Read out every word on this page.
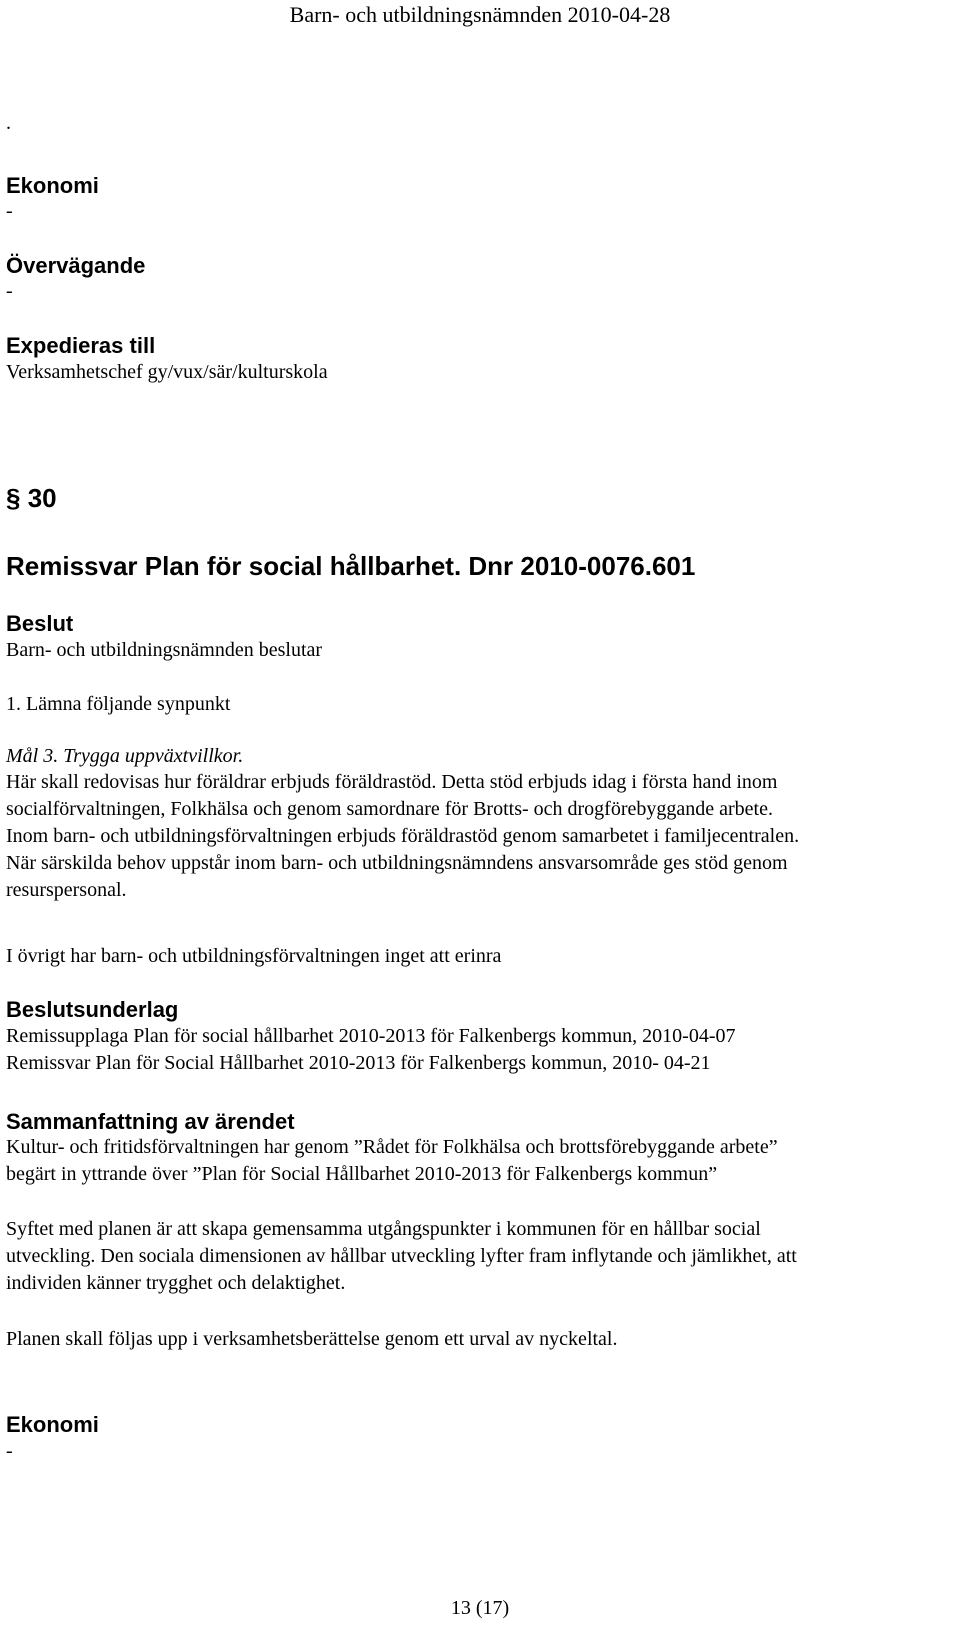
Barn- och utbildningsnämnden 2010-04-28
.
Ekonomi
-
Övervägande
-
Expedieras till
Verksamhetschef gy/vux/sär/kulturskola
§ 30
Remissvar Plan för social hållbarhet. Dnr 2010-0076.601
Beslut
Barn- och utbildningsnämnden beslutar
1. Lämna följande synpunkt
Mål 3. Trygga uppväxtvillkor.
Här skall redovisas hur föräldrar erbjuds föräldrastöd. Detta stöd erbjuds idag i första hand inom
socialförvaltningen, Folkhälsa och genom samordnare för Brotts- och drogförebyggande arbete.
Inom barn- och utbildningsförvaltningen erbjuds föräldrastöd genom samarbetet i familjecentralen.
När särskilda behov uppstår inom barn- och utbildningsnämndens ansvarsområde ges stöd genom
resurspersonal.
I övrigt har barn- och utbildningsförvaltningen inget att erinra
Beslutsunderlag
Remissupplaga Plan för social hållbarhet 2010-2013 för Falkenbergs kommun, 2010-04-07
Remissvar Plan för Social Hållbarhet 2010-2013 för Falkenbergs kommun, 2010- 04-21
Sammanfattning av ärendet
Kultur- och fritidsförvaltningen har genom ”Rådet för Folkhälsa och brottsförebyggande arbete”
begärt in yttrande över ”Plan för Social Hållbarhet 2010-2013 för Falkenbergs kommun”
Syftet med planen är att skapa gemensamma utgångspunkter i kommunen för en hållbar social
utveckling. Den sociala dimensionen av hållbar utveckling lyfter fram inflytande och jämlikhet, att
individen känner trygghet och delaktighet.
Planen skall följas upp i verksamhetsberättelse genom ett urval av nyckeltal.
Ekonomi
-
13 (17)
